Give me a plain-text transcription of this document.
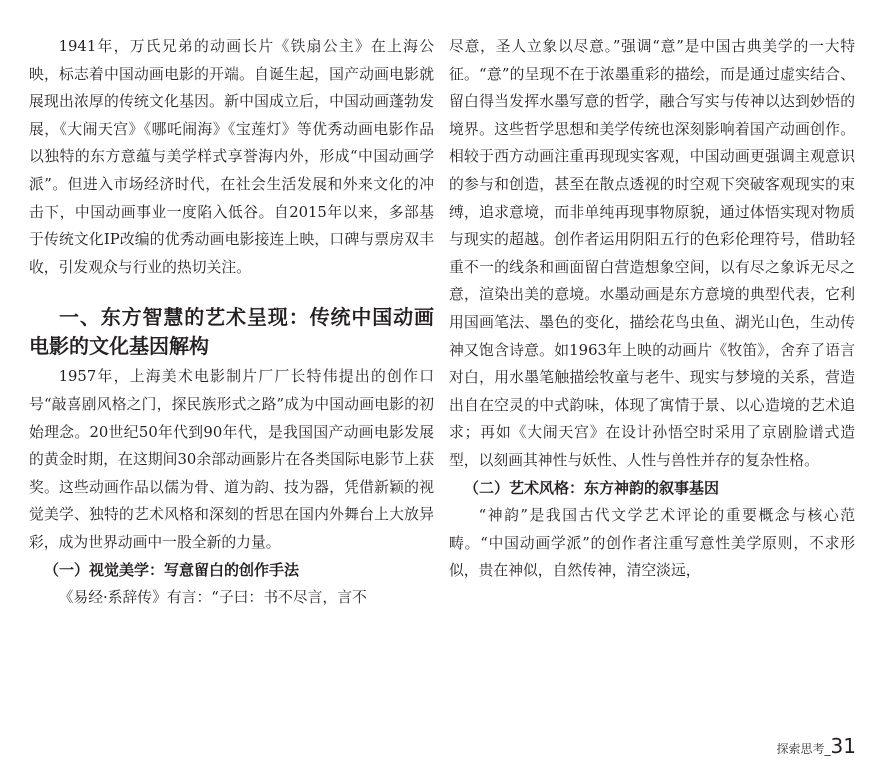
1941年，万氏兄弟的动画长片《铁扇公主》在上海公映，标志着中国动画电影的开端。自诞生起，国产动画电影就展现出浓厚的传统文化基因。新中国成立后，中国动画蓬勃发展，《大闹天宫》《哪吒闹海》《宝莲灯》等优秀动画电影作品以独特的东方意蕴与美学样式享誉海内外，形成“中国动画学派”。但进入市场经济时代，在社会生活发展和外来文化的冲击下，中国动画事业一度陷入低谷。自2015年以来，多部基于传统文化IP改编的优秀动画电影接连上映，口碑与票房双丰收，引发观众与行业的热切关注。

一、东方智慧的艺术呈现：传统中国动画电影的文化基因解构

1957年，上海美术电影制片厂厂长特伟提出的创作口号“敲喜剧风格之门，探民族形式之路”成为中国动画电影的初始理念。20世纪50年代到90年代，是我国国产动画电影发展的黄金时期，在这期间30余部动画影片在各类国际电影节上获奖。这些动画作品以儒为骨、道为韵、技为器，凭借新颖的视觉美学、独特的艺术风格和深刻的哲思在国内外舞台上大放异彩，成为世界动画中一股全新的力量。

（一）视觉美学：写意留白的创作手法

《易经·系辞传》有言：“子曰：书不尽言，言不

尽意，圣人立象以尽意。”强调“意”是中国古典美学的一大特征。“意”的呈现不在于浓墨重彩的描绘，而是通过虚实结合、留白得当发挥水墨写意的哲学，融合写实与传神以达到妙悟的境界。这些哲学思想和美学传统也深刻影响着国产动画创作。相较于西方动画注重再现现实客观，中国动画更强调主观意识的参与和创造，甚至在散点透视的时空观下突破客观现实的束缚，追求意境，而非单纯再现事物原貌，通过体悟实现对物质与现实的超越。创作者运用阴阳五行的色彩伦理符号，借助轻重不一的线条和画面留白营造想象空间，以有尽之象诉无尽之意，渲染出美的意境。水墨动画是东方意境的典型代表，它利用国画笔法、墨色的变化，描绘花鸟虫鱼、湖光山色，生动传神又饱含诗意。如1963年上映的动画片《牧笛》，舍弃了语言对白，用水墨笔触描绘牧童与老牛、现实与梦境的关系，营造出自在空灵的中式韵味，体现了寓情于景、以心造境的艺术追求；再如《大闹天宫》在设计孙悟空时采用了京剧脸谱式造型，以刻画其神性与妖性、人性与兽性并存的复杂性格。

（二）艺术风格：东方神韵的叙事基因

“神韵”是我国古代文学艺术评论的重要概念与核心范畴。“中国动画学派”的创作者注重写意性美学原则，不求形似，贵在神似，自然传神，清空淡远，

探索思考 _ 31
